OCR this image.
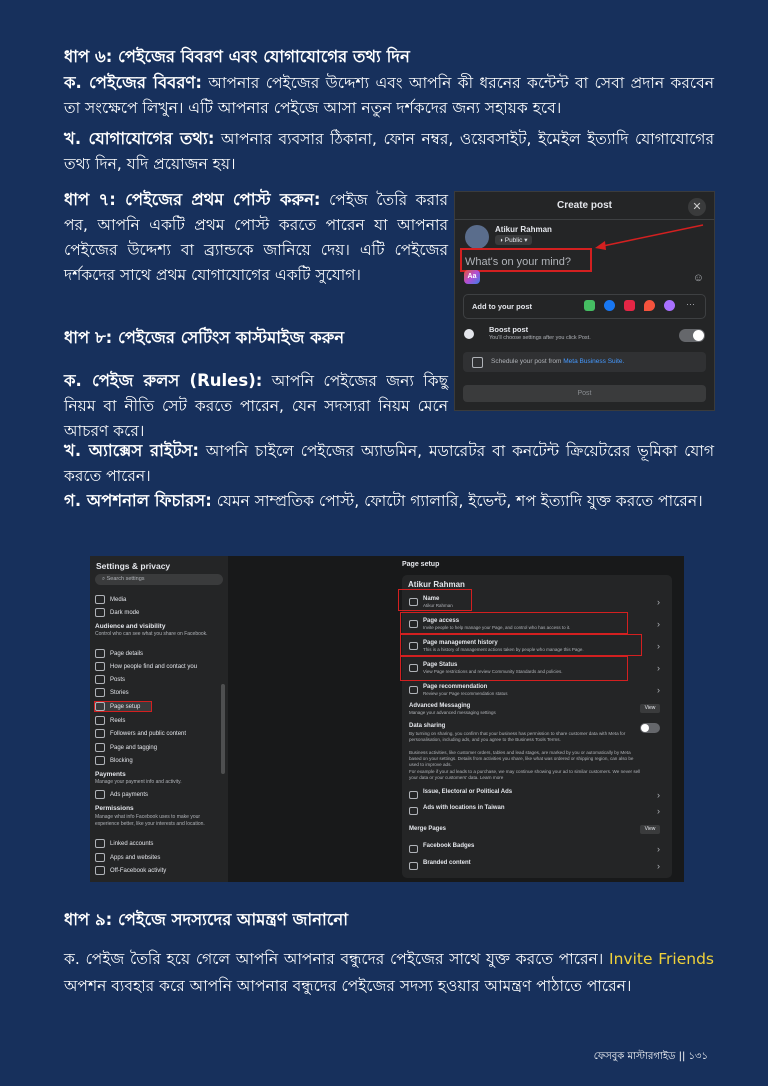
ধাপ ৬: পেইজের বিবরণ এবং যোগাযোগের তথ্য দিন
ক. পেইজের বিবরণ: আপনার পেইজের উদ্দেশ্য এবং আপনি কী ধরনের কন্টেন্ট বা সেবা প্রদান করবেন তা সংক্ষেপে লিখুন। এটি আপনার পেইজে আসা নতুন দর্শকদের জন্য সহায়ক হবে।
খ. যোগাযোগের তথ্য: আপনার ব্যবসার ঠিকানা, ফোন নম্বর, ওয়েবসাইট, ইমেইল ইত্যাদি যোগাযোগের তথ্য দিন, যদি প্রয়োজন হয়।
ধাপ ৭: পেইজের প্রথম পোস্ট করুন: পেইজ তৈরি করার পর, আপনি একটি প্রথম পোস্ট করতে পারেন যা আপনার পেইজের উদ্দেশ্য বা ব্র্যান্ডকে জানিয়ে দেয়। এটি পেইজের দর্শকদের সাথে প্রথম যোগাযোগের একটি সুযোগ।
Create post	✕
Atikur Rahman
◑ Public ▾
What's on your mind?
Aa	☺
Add to your post	···
Boost post
You'll choose settings after you click Post.
Schedule your post from Meta Business Suite.
Post
ধাপ ৮: পেইজের সেটিংস কাস্টমাইজ করুন
ক. পেইজ রুলস (Rules): আপনি পেইজের জন্য কিছু নিয়ম বা নীতি সেট করতে পারেন, যেন সদস্যরা নিয়ম মেনে আচরণ করে।
খ. অ্যাক্সেস রাইটস: আপনি চাইলে পেইজের অ্যাডমিন, মডারেটর বা কনটেন্ট ক্রিয়েটরের ভূমিকা যোগ করতে পারেন।
গ. অপশনাল ফিচারস: যেমন সাম্প্রতিক পোস্ট, ফোটো গ্যালারি, ইভেন্ট, শপ ইত্যাদি যুক্ত করতে পারেন।
Settings & privacy
⌕ Search settings
Media
Dark mode
Audience and visibility
Control who can see what you share on Facebook.
Page details
How people find and contact you
Posts
Stories
Page setup
Reels
Followers and public content
Page and tagging
Blocking
Payments
Manage your payment info and activity.
Ads payments
Permissions
Manage what info Facebook uses to make your experience better, like your interests and location.
Linked accounts
Apps and websites
Off-Facebook activity
Page setup
Atikur Rahman
Name
Atikur Rahman	›
Page access
Invite people to help manage your Page, and control who has access to it.	›
Page management history
This is a history of management actions taken by people who manage this Page.	›
Page Status
View Page restrictions and review Community Standards and policies.	›
Page recommendation
Review your Page recommendation status	›
Advanced Messaging
Manage your advanced messaging settings
View
Data sharing
By turning on sharing, you confirm that your business has permission to share customer data with Meta for personalisation, including ads, and you agree to the Business Tools Terms.
Business activities, like customer orders, tables and lead stages, are marked by you or automatically by Meta based on your settings. Details from activities you share, like what was ordered or shipping region, can also be used to improve ads.
For example if your ad leads to a purchase, we may continue showing your ad to similar customers. We never sell your data or your customers' data. Learn more
Issue, Electoral or Political Ads	›
Ads with locations in Taiwan	›
Merge Pages	View
Facebook Badges	›
Branded content	›
ধাপ ৯: পেইজে সদস্যদের আমন্ত্রণ জানানো
ক. পেইজ তৈরি হয়ে গেলে আপনি আপনার বন্ধুদের পেইজের সাথে যুক্ত করতে পারেন। Invite Friends অপশন ব্যবহার করে আপনি আপনার বন্ধুদের পেইজের সদস্য হওয়ার আমন্ত্রণ পাঠাতে পারেন।
ফেসবুক মাস্টারগাইড || ১৩১
